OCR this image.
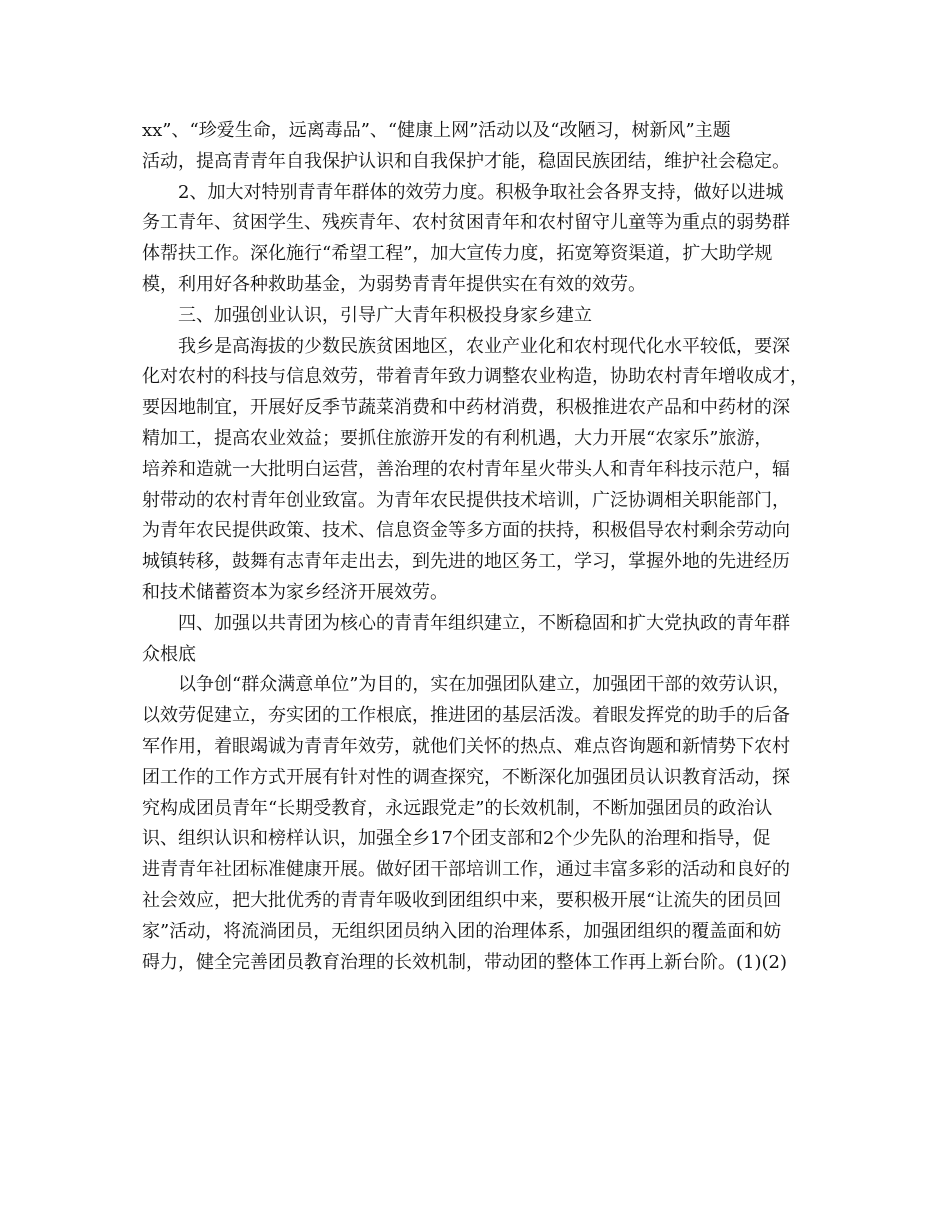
xx”、“珍爱生命，远离毒品”、“健康上网”活动以及“改陋习，树新风”主题
活动，提高青青年自我保护认识和自我保护才能，稳固民族团结，维护社会稳定。
2、加大对特别青青年群体的效劳力度。积极争取社会各界支持，做好以进城
务工青年、贫困学生、残疾青年、农村贫困青年和农村留守儿童等为重点的弱势群
体帮扶工作。深化施行“希望工程”，加大宣传力度，拓宽筹资渠道，扩大助学规
模，利用好各种救助基金，为弱势青青年提供实在有效的效劳。
三、加强创业认识，引导广大青年积极投身家乡建立
我乡是高海拔的少数民族贫困地区，农业产业化和农村现代化水平较低，要深
化对农村的科技与信息效劳，带着青年致力调整农业构造，协助农村青年增收成才，
要因地制宜，开展好反季节蔬菜消费和中药材消费，积极推进农产品和中药材的深
精加工，提高农业效益；要抓住旅游开发的有利机遇，大力开展“农家乐”旅游，
培养和造就一大批明白运营，善治理的农村青年星火带头人和青年科技示范户，辐
射带动的农村青年创业致富。为青年农民提供技术培训，广泛协调相关职能部门，
为青年农民提供政策、技术、信息资金等多方面的扶持，积极倡导农村剩余劳动向
城镇转移，鼓舞有志青年走出去，到先进的地区务工，学习，掌握外地的先进经历
和技术储蓄资本为家乡经济开展效劳。
四、加强以共青团为核心的青青年组织建立，不断稳固和扩大党执政的青年群
众根底
以争创“群众满意单位”为目的，实在加强团队建立，加强团干部的效劳认识，
以效劳促建立，夯实团的工作根底，推进团的基层活泼。着眼发挥党的助手的后备
军作用，着眼竭诚为青青年效劳，就他们关怀的热点、难点咨询题和新情势下农村
团工作的工作方式开展有针对性的调查探究，不断深化加强团员认识教育活动，探
究构成团员青年“长期受教育，永远跟党走”的长效机制，不断加强团员的政治认
识、组织认识和榜样认识，加强全乡17个团支部和2个少先队的治理和指导，促
进青青年社团标准健康开展。做好团干部培训工作，通过丰富多彩的活动和良好的
社会效应，把大批优秀的青青年吸收到团组织中来，要积极开展“让流失的团员回
家”活动，将流淌团员，无组织团员纳入团的治理体系，加强团组织的覆盖面和妨
碍力，健全完善团员教育治理的长效机制，带动团的整体工作再上新台阶。(1)(2)
